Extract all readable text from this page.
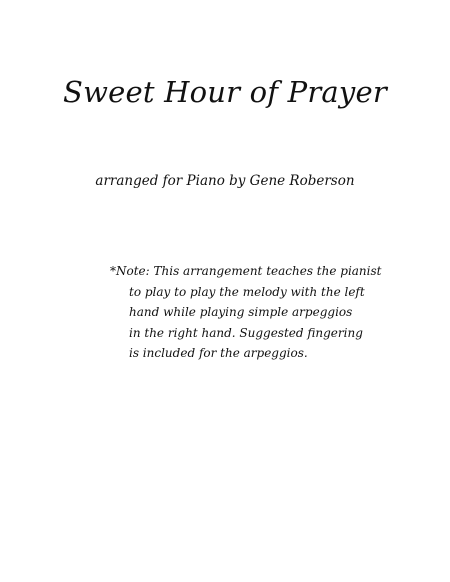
Sweet Hour of Prayer
arranged for Piano by Gene Roberson
*Note: This arrangement teaches the pianist
to play to play the melody with the left
hand while playing simple arpeggios
in the right hand. Suggested fingering
is included for the arpeggios.
